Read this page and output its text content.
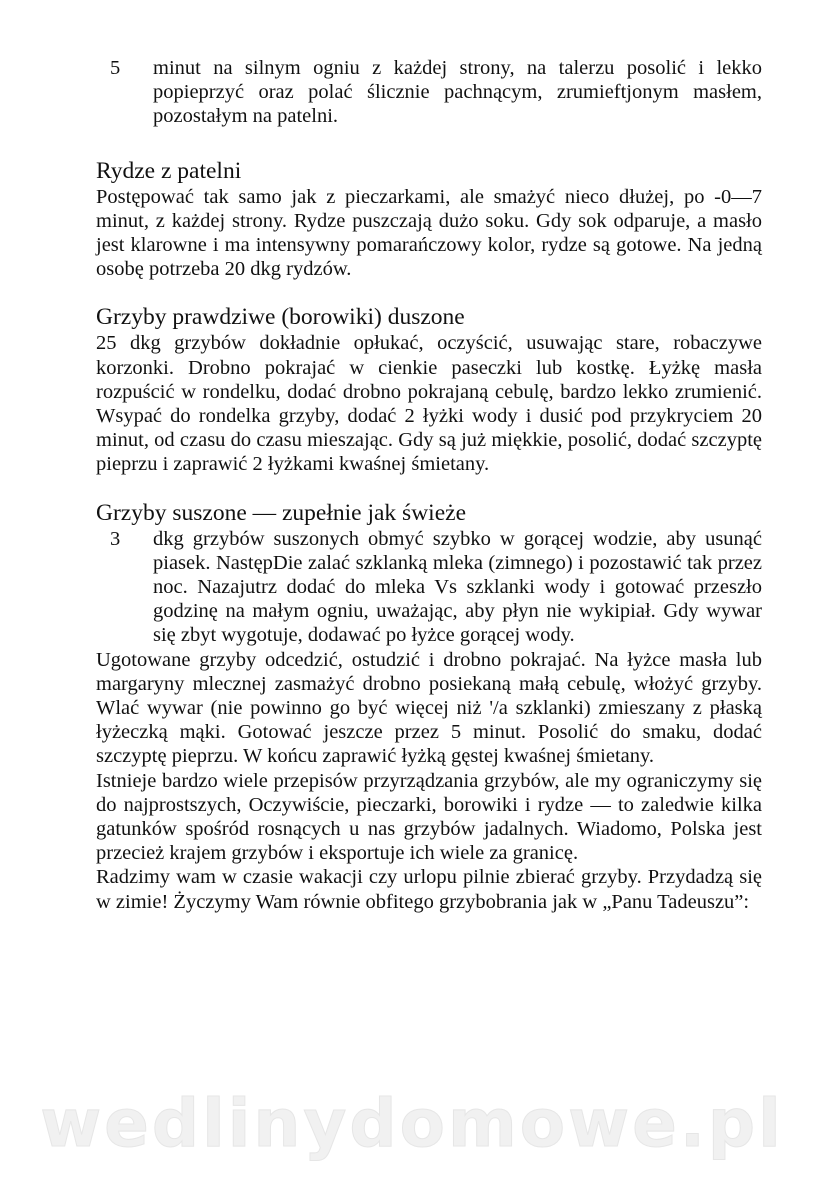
5 minut na silnym ogniu z każdej strony, na talerzu posolić i lekko popieprzyć oraz polać ślicznie pachnącym, zrumieftjonym masłem, pozostałym na patelni.

Rydze z patelni

Postępować tak samo jak z pieczarkami, ale smażyć nieco dłużej, po -0—7 minut, z każdej strony. Rydze puszczają dużo soku. Gdy sok odparuje, a masło jest klarowne i ma intensywny pomarańczowy kolor, rydze są gotowe. Na jedną osobę potrzeba 20 dkg rydzów.

Grzyby prawdziwe (borowiki) duszone

25 dkg grzybów dokładnie opłukać, oczyścić, usuwając stare, robaczywe korzonki. Drobno pokrajać w cienkie paseczki lub kostkę. Łyżkę masła rozpuścić w rondelku, dodać drobno pokrajaną cebulę, bardzo lekko zrumienić. Wsypać do rondelka grzyby, dodać 2 łyżki wody i dusić pod przykryciem 20 minut, od czasu do czasu mieszając. Gdy są już miękkie, posolić, dodać szczyptę pieprzu i zaprawić 2 łyżkami kwaśnej śmietany.

Grzyby suszone — zupełnie jak świeże

3 dkg grzybów suszonych obmyć szybko w gorącej wodzie, aby usunąć piasek. NastępDie zalać szklanką mleka (zimnego) i pozostawić tak przez noc. Nazajutrz dodać do mleka Vs szklanki wody i gotować przeszło godzinę na małym ogniu, uważając, aby płyn nie wykipiał. Gdy wywar się zbyt wygotuje, dodawać po łyżce gorącej wody.

Ugotowane grzyby odcedzić, ostudzić i drobno pokrajać. Na łyżce masła lub margaryny mlecznej zasmażyć drobno posiekaną małą cebulę, włożyć grzyby. Wlać wywar (nie powinno go być więcej niż '/a szklanki) zmieszany z płaską łyżeczką mąki. Gotować jeszcze przez 5 minut. Posolić do smaku, dodać szczyptę pieprzu. W końcu zaprawić łyżką gęstej kwaśnej śmietany.

Istnieje bardzo wiele przepisów przyrządzania grzybów, ale my ograniczymy się do najprostszych, Oczywiście, pieczarki, borowiki i rydze — to zaledwie kilka gatunków spośród rosnących u nas grzybów jadalnych. Wiadomo, Polska jest przecież krajem grzybów i eksportuje ich wiele za granicę.

Radzimy wam w czasie wakacji czy urlopu pilnie zbierać grzyby. Przydadzą się w zimie! Życzymy Wam równie obfitego grzybobrania jak w „Panu Tadeuszu”:

wedlinydomowe.pl
